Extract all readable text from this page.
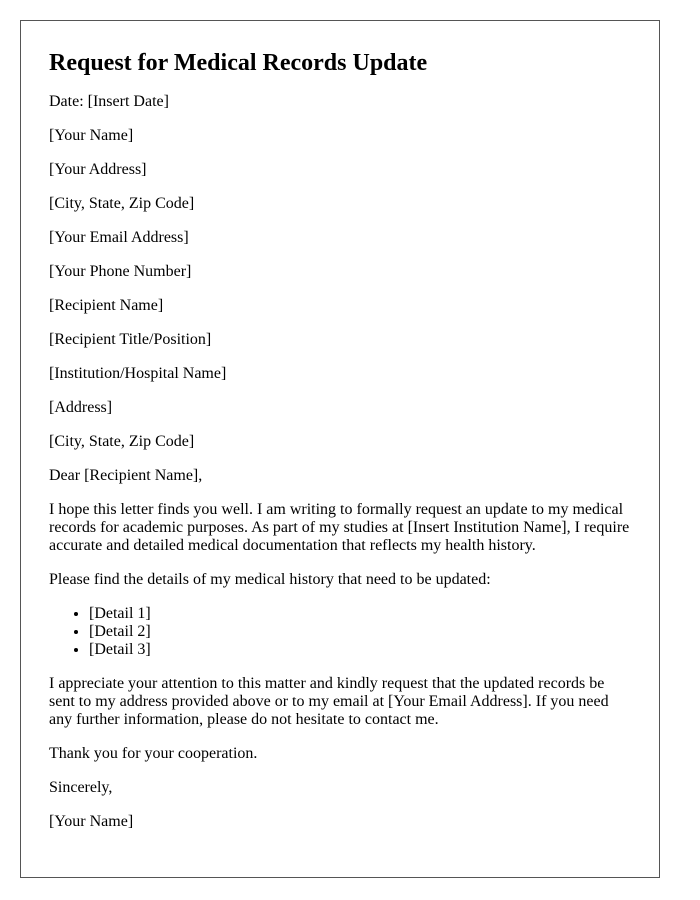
Request for Medical Records Update
Date: [Insert Date]
[Your Name]
[Your Address]
[City, State, Zip Code]
[Your Email Address]
[Your Phone Number]
[Recipient Name]
[Recipient Title/Position]
[Institution/Hospital Name]
[Address]
[City, State, Zip Code]
Dear [Recipient Name],

I hope this letter finds you well. I am writing to formally request an update to my medical records for academic purposes. As part of my studies at [Insert Institution Name], I require accurate and detailed medical documentation that reflects my health history.

Please find the details of my medical history that need to be updated:

• [Detail 1]
• [Detail 2]
• [Detail 3]

I appreciate your attention to this matter and kindly request that the updated records be sent to my address provided above or to my email at [Your Email Address]. If you need any further information, please do not hesitate to contact me.

Thank you for your cooperation.

Sincerely,
[Your Name]
